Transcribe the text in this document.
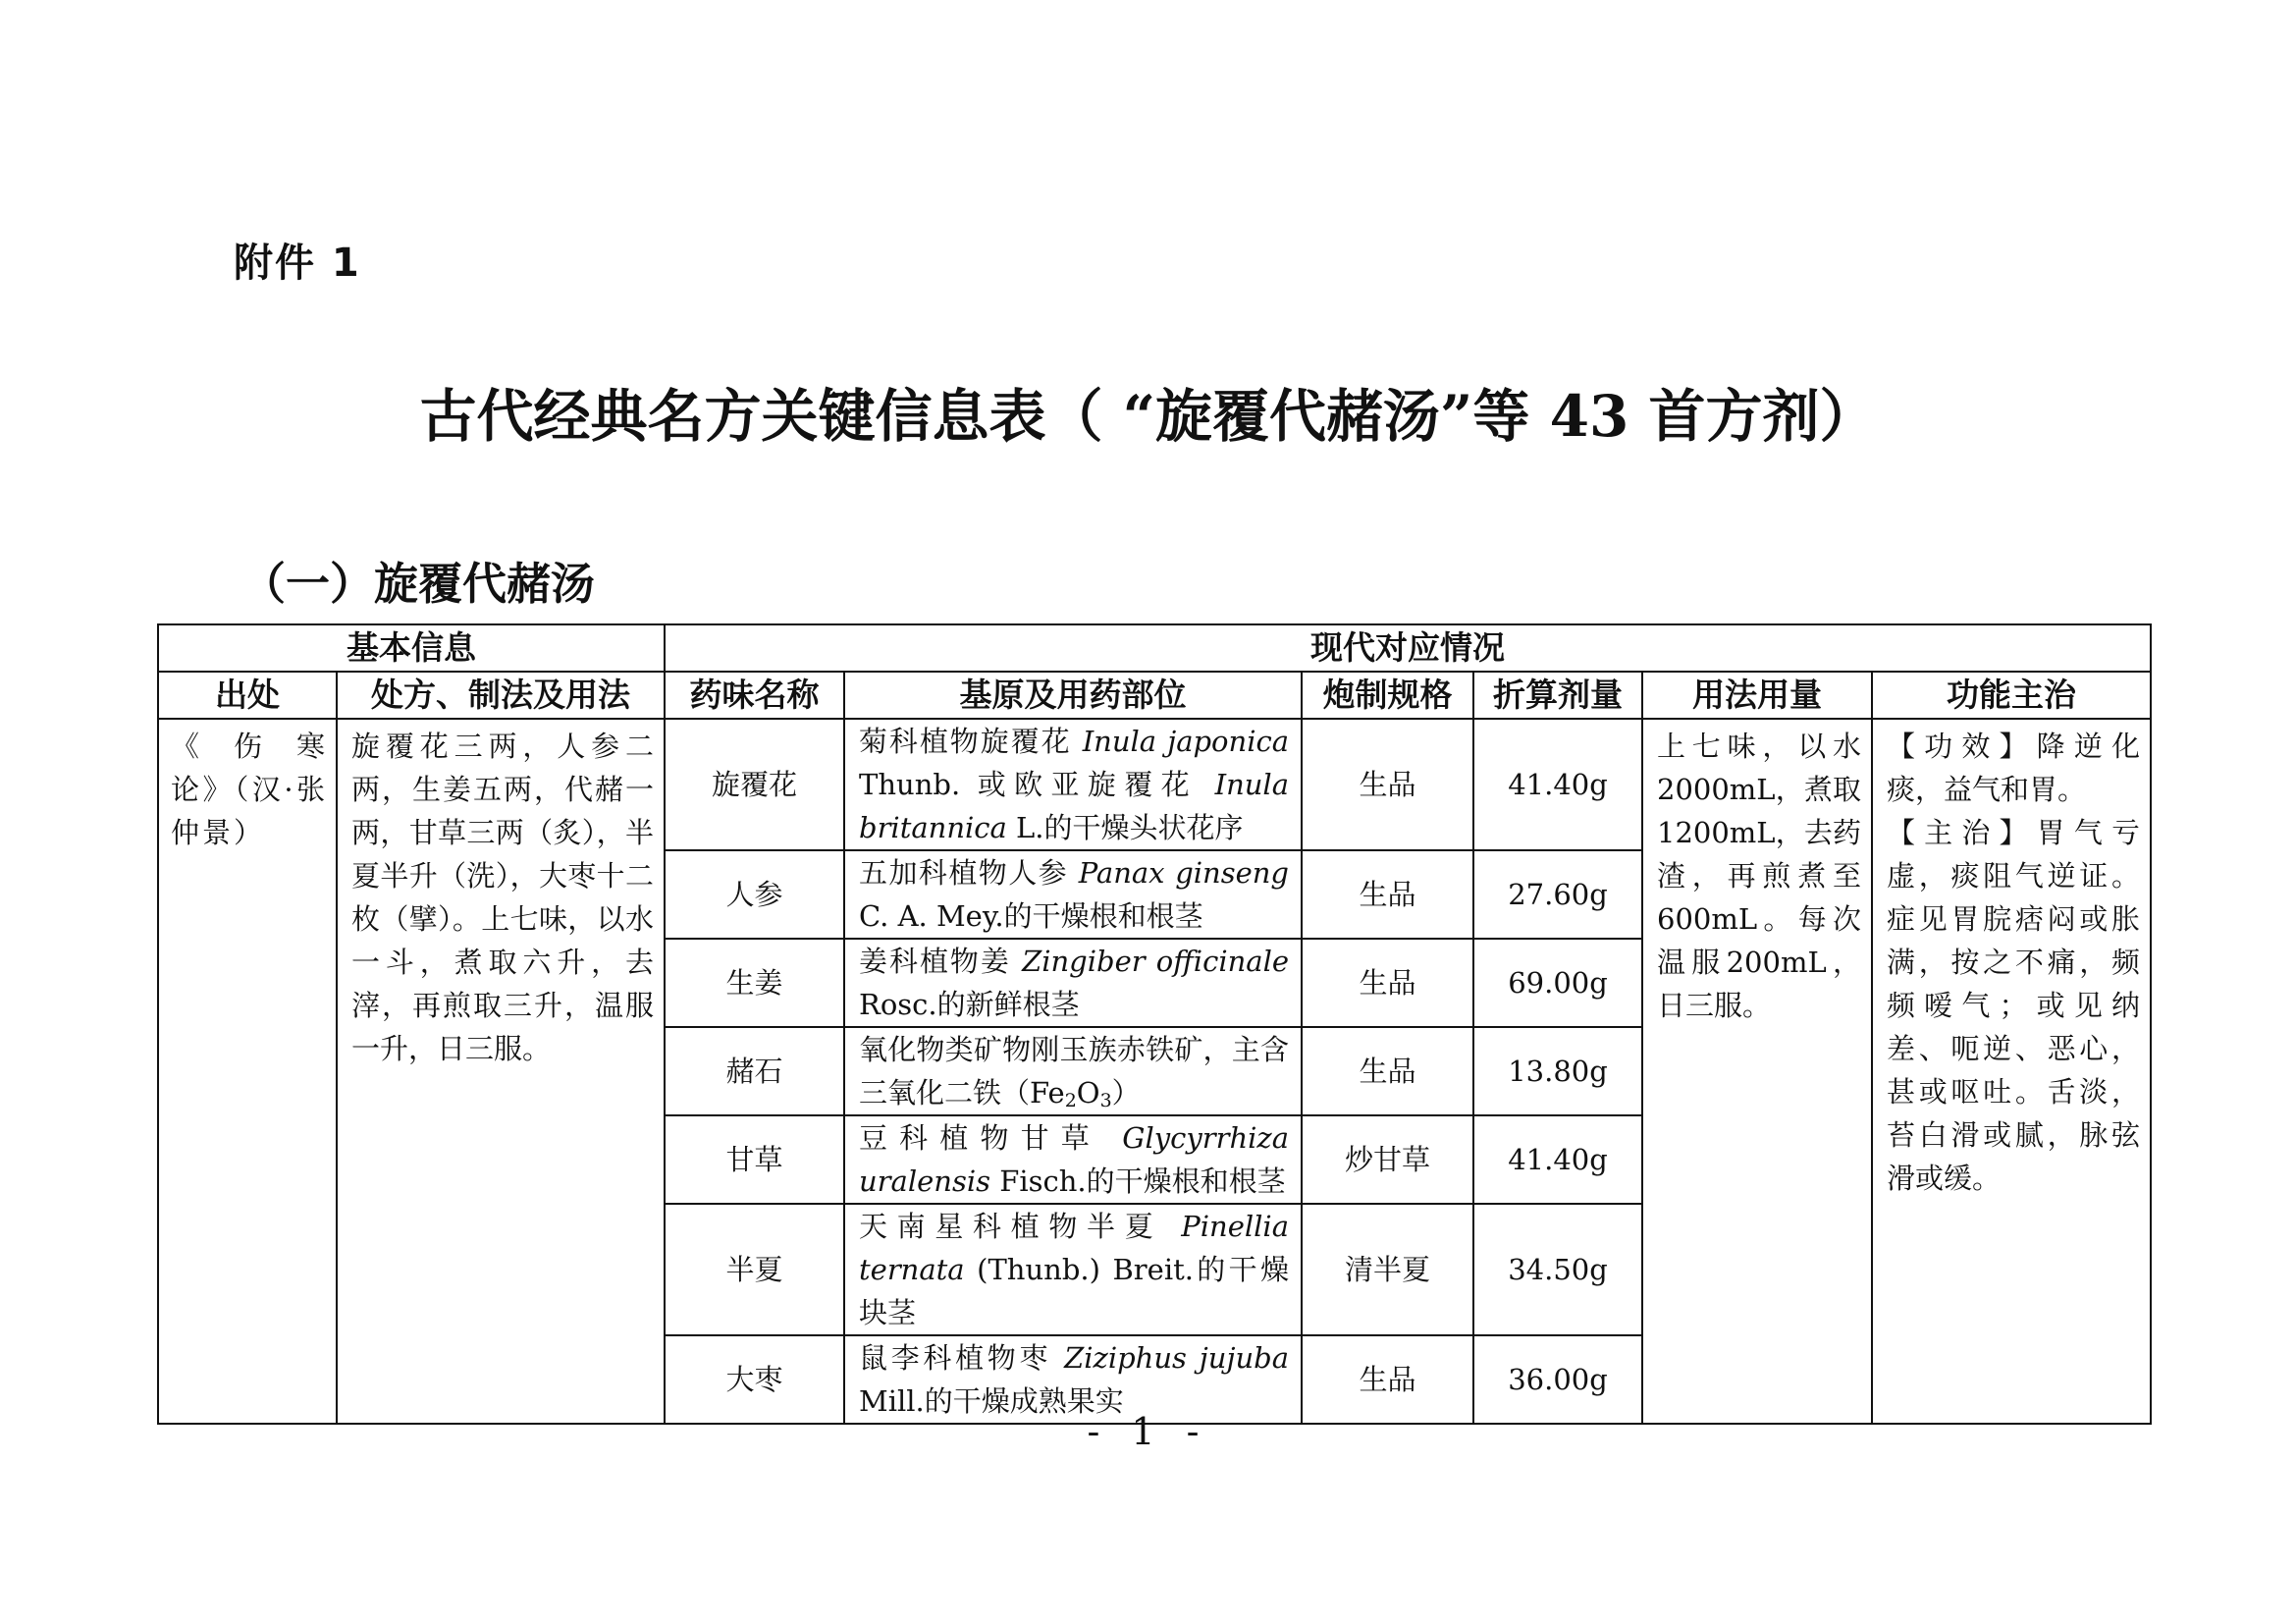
附件 1
古代经典名方关键信息表（ “旋覆代赭汤”等 43 首方剂）
（一）旋覆代赭汤
基本信息		现代对应情况					
出处	处方、制法及用法	药味名称	基原及用药部位	炮制规格	折算剂量	用法用量	功能主治
《伤寒论》（汉·张仲景）	旋覆花三两，人参二两，生姜五两，代赭一两，甘草三两（炙），半夏半升（洗），大枣十二枚（擘）。上七味，以水一斗，煮取六升，去滓，再煎取三升，温服一升，日三服。	旋覆花	菊科植物旋覆花 Inula japonica Thunb. 或欧亚旋覆花 Inula britannica L.的干燥头状花序	生品	41.40g	上七味，以水2000mL，煮取1200mL，去药渣，再煎煮至600mL。每次温服200mL，日三服。	【功效】降逆化痰，益气和胃。
【主治】胃气亏虚，痰阻气逆证。症见胃脘痞闷或胀满，按之不痛，频频嗳气；或见纳差、呃逆、恶心，甚或呕吐。舌淡，苔白滑或腻，脉弦滑或缓。

		人参	五加科植物人参 Panax ginseng C. A. Mey.的干燥根和根茎	生品	27.60g		
		生姜	姜科植物姜 Zingiber officinale Rosc.的新鲜根茎	生品	69.00g		
		赭石	氧化物类矿物刚玉族赤铁矿，主含三氧化二铁$(Fe_2O_3)$	生品	13.80g		
		甘草	豆科植物甘草 Glycyrrhiza uralensis Fisch.的干燥根和根茎	炒甘草	41.40g		
		半夏	天南星科植物半夏 Pinellia ternata (Thunb.) Breit.的干燥块茎	清半夏	34.50g		
		大枣	鼠李科植物枣 Ziziphus jujuba Mill.的干燥成熟果实	生品	36.00g		
- 1 -
